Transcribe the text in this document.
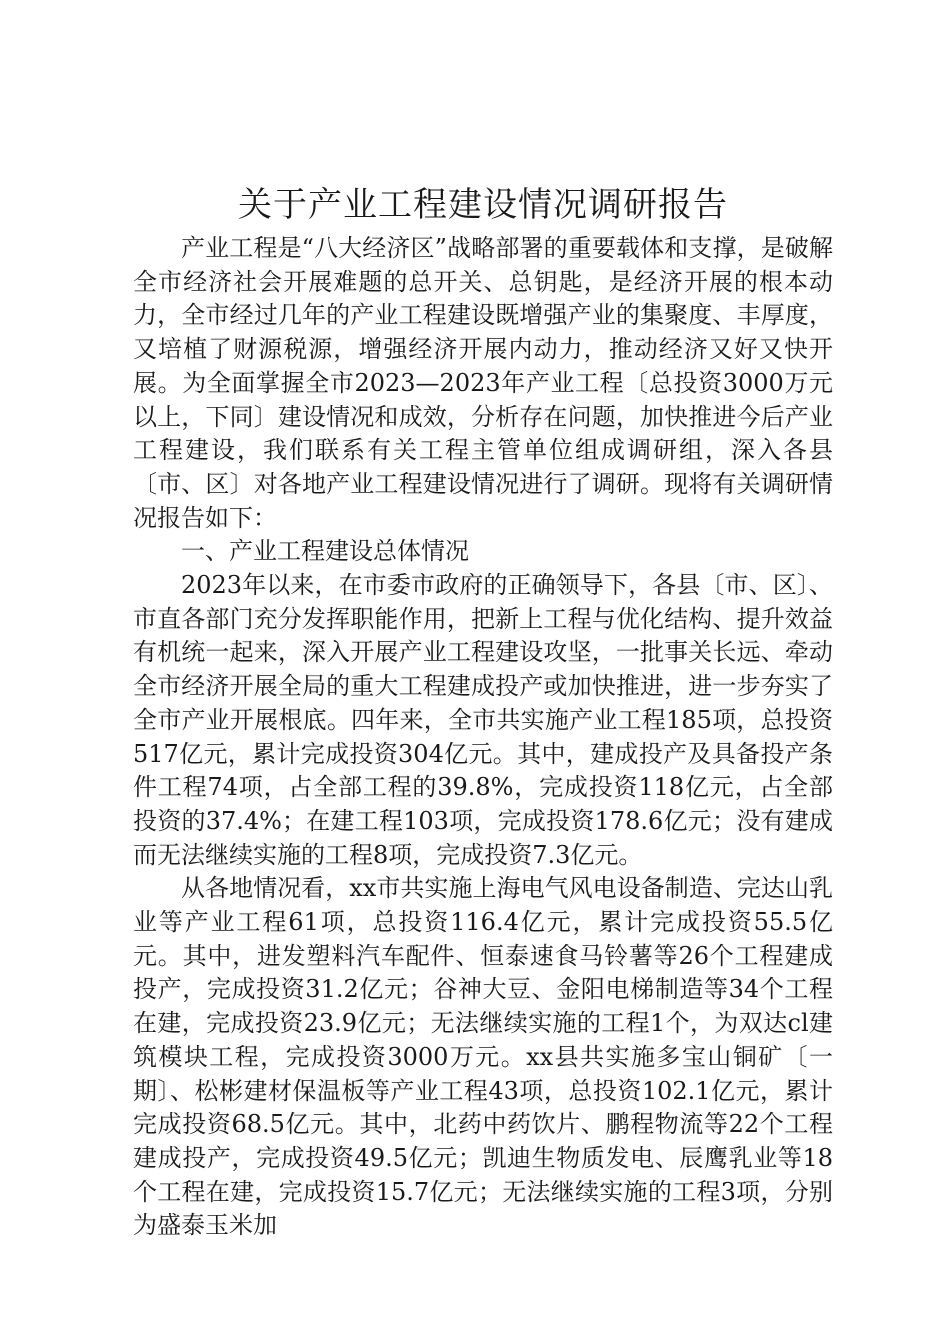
关于产业工程建设情况调研报告

产业工程是“八大经济区”战略部署的重要载体和支撑，是破解全市经济社会开展难题的总开关、总钥匙，是经济开展的根本动力，全市经过几年的产业工程建设既增强产业的集聚度、丰厚度，又培植了财源税源，增强经济开展内动力，推动经济又好又快开展。为全面掌握全市2023—2023年产业工程〔总投资3000万元以上，下同〕建设情况和成效，分析存在问题，加快推进今后产业工程建设，我们联系有关工程主管单位组成调研组，深入各县〔市、区〕对各地产业工程建设情况进行了调研。现将有关调研情况报告如下：

一、产业工程建设总体情况

2023年以来，在市委市政府的正确领导下，各县〔市、区〕、市直各部门充分发挥职能作用，把新上工程与优化结构、提升效益有机统一起来，深入开展产业工程建设攻坚，一批事关长远、牵动全市经济开展全局的重大工程建成投产或加快推进，进一步夯实了全市产业开展根底。四年来，全市共实施产业工程185项，总投资517亿元，累计完成投资304亿元。其中，建成投产及具备投产条件工程74项，占全部工程的39.8%，完成投资118亿元，占全部投资的37.4%；在建工程103项，完成投资178.6亿元；没有建成而无法继续实施的工程8项，完成投资7.3亿元。

从各地情况看，xx市共实施上海电气风电设备制造、完达山乳业等产业工程61项，总投资116.4亿元，累计完成投资55.5亿元。其中，进发塑料汽车配件、恒泰速食马铃薯等26个工程建成投产，完成投资31.2亿元；谷神大豆、金阳电梯制造等34个工程在建，完成投资23.9亿元；无法继续实施的工程1个，为双达cl建筑模块工程，完成投资3000万元。xx县共实施多宝山铜矿〔一期〕、松彬建材保温板等产业工程43项，总投资102.1亿元，累计完成投资68.5亿元。其中，北药中药饮片、鹏程物流等22个工程建成投产，完成投资49.5亿元；凯迪生物质发电、辰鹰乳业等18个工程在建，完成投资15.7亿元；无法继续实施的工程3项，分别为盛泰玉米加
